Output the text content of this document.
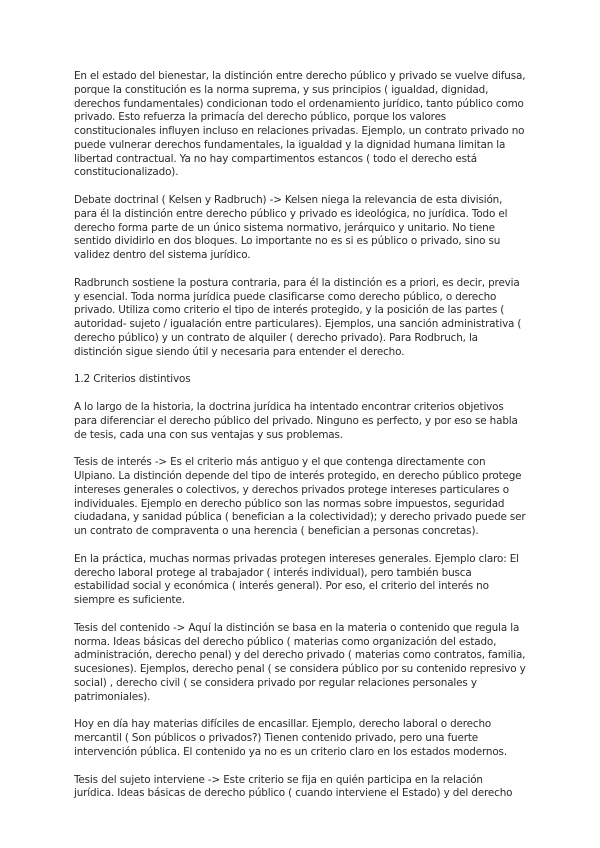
En el estado del bienestar, la distinción entre derecho público y privado se vuelve difusa, porque la constitución es la norma suprema, y sus principios ( igualdad, dignidad, derechos fundamentales) condicionan todo el ordenamiento jurídico, tanto público como privado. Esto refuerza la primacía del derecho público, porque los valores constitucionales influyen incluso en relaciones privadas. Ejemplo, un contrato privado no puede vulnerar derechos fundamentales, la igualdad y la dignidad humana limitan la libertad contractual. Ya no hay compartimentos estancos ( todo el derecho está constitucionalizado).

Debate doctrinal ( Kelsen y Radbruch) -> Kelsen niega la relevancia de esta división, para él la distinción entre derecho público y privado es ideológica, no jurídica. Todo el derecho forma parte de un único sistema normativo, jerárquico y unitario. No tiene sentido dividirlo en dos bloques. Lo importante no es si es público o privado, sino su validez dentro del sistema jurídico.

Radbrunch sostiene la postura contraria, para él la distinción es a priori, es decir, previa y esencial. Toda norma jurídica puede clasificarse como derecho público, o derecho privado. Utiliza como criterio el tipo de interés protegido, y la posición de las partes ( autoridad- sujeto / igualación entre particulares). Ejemplos, una sanción administrativa ( derecho público) y un contrato de alquiler ( derecho privado). Para Rodbruch, la distinción sigue siendo útil y necesaria para entender el derecho.

1.2 Criterios distintivos

A lo largo de la historia, la doctrina jurídica ha intentado encontrar criterios objetivos para diferenciar el derecho público del privado. Ninguno es perfecto, y por eso se habla de tesis, cada una con sus ventajas y sus problemas.

Tesis de interés -> Es el criterio más antiguo y el que contenga directamente con Ulpiano. La distinción depende del tipo de interés protegido, en derecho público protege intereses generales o colectivos, y derechos privados protege intereses particulares o individuales. Ejemplo en derecho público son las normas sobre impuestos, seguridad ciudadana, y sanidad pública ( benefician a la colectividad); y derecho privado puede ser un contrato de compraventa o una herencia ( benefician a personas concretas).

En la práctica, muchas normas privadas protegen intereses generales. Ejemplo claro: El derecho laboral protege al trabajador ( interés individual), pero también busca estabilidad social y económica ( interés general). Por eso, el criterio del interés no siempre es suficiente.

Tesis del contenido -> Aquí la distinción se basa en la materia o contenido que regula la norma. Ideas básicas del derecho público ( materias como organización del estado, administración, derecho penal) y del derecho privado ( materias como contratos, familia, sucesiones). Ejemplos, derecho penal ( se considera público por su contenido represivo y social) , derecho civil ( se considera privado por regular relaciones personales y patrimoniales).

Hoy en día hay materias difíciles de encasillar. Ejemplo, derecho laboral o derecho mercantil ( Son públicos o privados?) Tienen contenido privado, pero una fuerte intervención pública. El contenido ya no es un criterio claro en los estados modernos.

Tesis del sujeto interviene -> Este criterio se fija en quién participa en la relación jurídica. Ideas básicas de derecho público ( cuando interviene el Estado) y del derecho
